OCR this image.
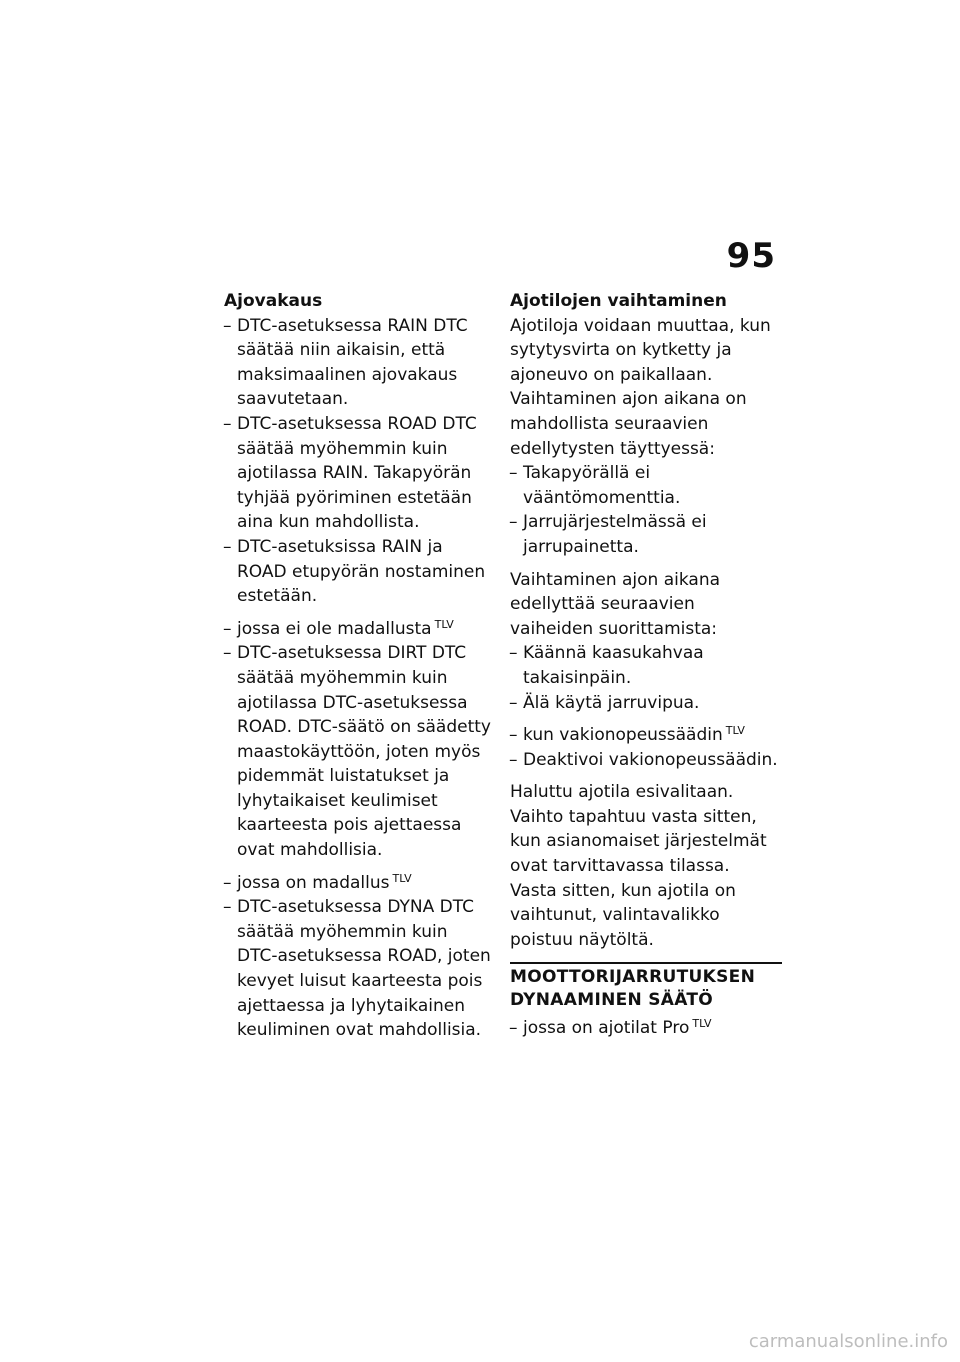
95
Ajovakaus
– DTC-asetuksessa RAIN DTC säätää niin aikaisin, että maksimaalinen ajovakaus saavutetaan.
– DTC-asetuksessa ROAD DTC säätää myöhemmin kuin ajotilassa RAIN. Takapyörän tyhjää pyöriminen estetään aina kun mahdollista.
– DTC-asetuksissa RAIN ja ROAD etupyörän nostaminen estetään.
– jossa ei ole madallusta $^{TLV}$
– DTC-asetuksessa DIRT DTC säätää myöhemmin kuin ajotilassa DTC-asetuksessa ROAD. DTC-säätö on säädetty maastokäyttöön, joten myös pidemmät luistatukset ja lyhytaikaiset keulimiset kaarteesta pois ajettaessa ovat mahdollisia.
– jossa on madallus $^{TLV}$
– DTC-asetuksessa DYNA DTC säätää myöhemmin kuin DTC-asetuksessa ROAD, joten kevyet luisut kaarteesta pois ajettaessa ja lyhytaikainen keuliminen ovat mahdollisia.
Ajotilojen vaihtaminen

Ajotiloja voidaan muuttaa, kun sytytysvirta on kytketty ja ajoneuvo on paikallaan. Vaihtaminen ajon aikana on mahdollista seuraavien edellytysten täyttyessä:

– Takapyörällä ei vääntömomenttia.
– Jarrujärjestelmässä ei jarrupainetta.

Vaihtaminen ajon aikana edellyttää seuraavien vaiheiden suorittamista:

– Käännä kaasukahvaa takaisinpäin.
– Älä käytä jarruvipua.
– kun vakionopeussäädin $^{TLV}$
– Deaktivoi vakionopeussäädin.

Haluttu ajotila esivalitaan. Vaihto tapahtuu vasta sitten, kun asianomaiset järjestelmät ovat tarvittavassa tilassa.

Vasta sitten, kun ajotila on vaihtunut, valintavalikko poistuu näytöltä.

MOOTTORIJARRUTUKSEN DYNAAMINEN SÄÄTÖ
– jossa on ajotilat Pro $^{TLV}$
carmanualsonline.info
